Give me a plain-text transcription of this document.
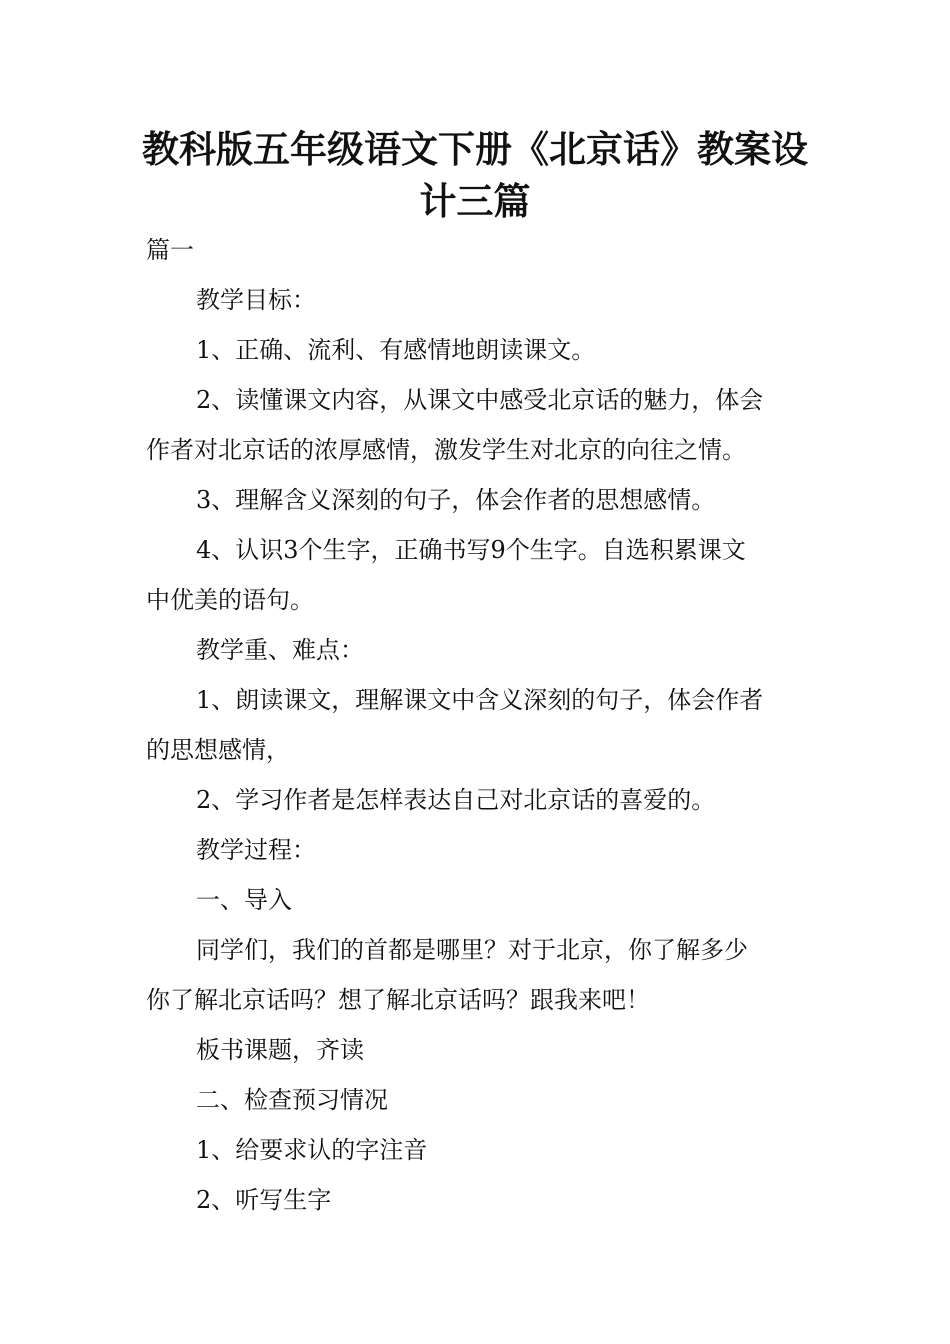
教科版五年级语文下册《北京话》教案设
计三篇

篇一

教学目标：

1、正确、流利、有感情地朗读课文。

2、读懂课文内容，从课文中感受北京话的魅力，体会

作者对北京话的浓厚感情，激发学生对北京的向往之情。

3、理解含义深刻的句子，体会作者的思想感情。

4、认识3个生字，正确书写9个生字。自选积累课文

中优美的语句。

教学重、难点：

1、朗读课文，理解课文中含义深刻的句子，体会作者

的思想感情，

2、学习作者是怎样表达自己对北京话的喜爱的。

教学过程：

一、导入

同学们，我们的首都是哪里？对于北京，你了解多少

你了解北京话吗？想了解北京话吗？跟我来吧！

板书课题，齐读

二、检查预习情况

1、给要求认的字注音

2、听写生字
